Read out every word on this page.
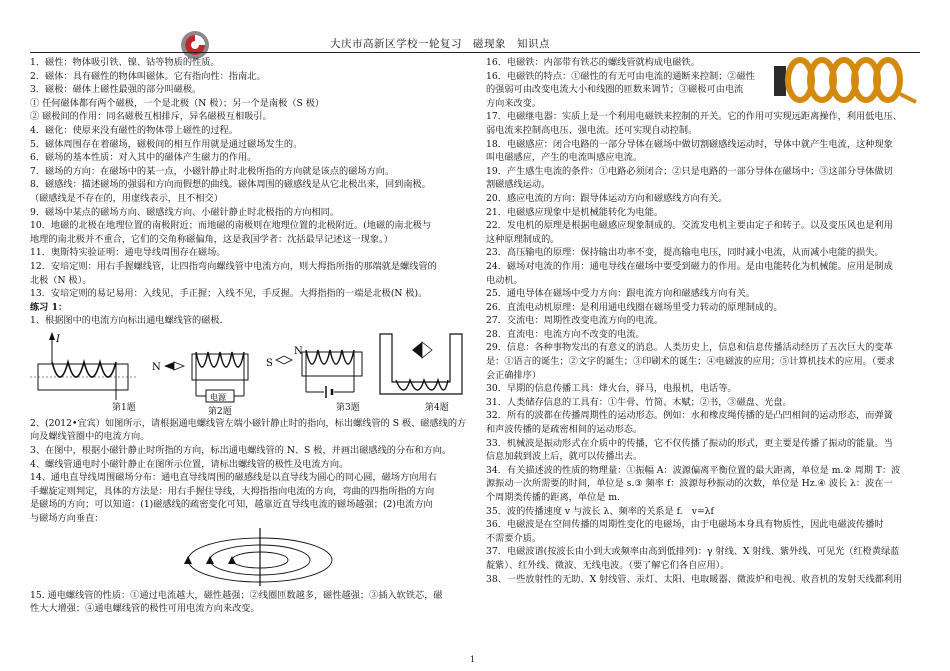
大庆市高新区学校一轮复习　磁现象　知识点

1．磁性：物体吸引铁、镍、钴等物质的性质。

2．磁体：具有磁性的物体叫磁体。它有指向性：指南北。

3．磁极：磁体上磁性最强的部分叫磁极。

① 任何磁体都有两个磁极，一个是北极（N 极）；另一个是南极（S 极）

② 磁极间的作用：同名磁极互相排斥，异名磁极互相吸引。

4．磁化：使原来没有磁性的物体带上磁性的过程。

5．磁体周围存在着磁场，磁极间的相互作用就是通过磁场发生的。

6．磁场的基本性质：对入其中的磁体产生磁力的作用。

7．磁场的方向：在磁场中的某一点，小磁针静止时北极所指的方向就是该点的磁场方向。

8．磁感线：描述磁场的强弱和方向而假想的曲线。磁体周围的磁感线是从它北极出来，回到南极。

（磁感线是不存在的，用虚线表示，且不相交）

9．磁场中某点的磁场方向、磁感线方向、小磁针静止时北极指的方向相同。

10．地磁的北极在地理位置的南极附近；而地磁的南极则在地理位置的北极附近。(地磁的南北极与

地理的南北极并不重合，它们的交角称磁偏角，这是我国学者：沈括最早记述这一现象。）

11．奥斯特实验证明：通电导线周围存在磁场。

12．安培定则：用右手握螺线管，让四指弯向螺线管中电流方向，则大拇指所指的那端就是螺线管的

北极（N 极）。

13．安培定则的易记易用：入线见，手正握；入线不见，手反握。大拇指指的一端是北极(N 极)。

练习 1：

1、根据图中的电流方向标出通电螺线管的磁极.

I
第1题
N
电源
第2题
S
N
第3题	第4题

2、(2012•宜宾）如图所示，请根据通电螺线管左端小磁针静止时的指向，标出螺线管的 S 极、磁感线的方

向及螺线管圈中的电流方向。

3、在图中，根据小磁针静止时所指的方向，标出通电螺线管的 N、S 极，并画出磁感线的分布和方向。

4、螺线管通电时小磁针静止在图所示位置，请标出螺线管的极性及电流方向。

14、通电直导线周围磁场分布：通电直导线周围的磁感线是以直导线为圆心的同心圆，磁场方向用右

手螺旋定则判定，具体的方法是：用右手握住导线，大拇指指向电流的方向，弯曲的四指所指的方向

是磁场的方向；可以知道：(1)磁感线的疏密变化可知，越靠近直导线电流的磁场越强；(2)电流方向

与磁场方向垂直：

15. 通电螺线管的性质：①通过电流越大，磁性越强；②线圈匝数越多，磁性越强；③插入软铁芯，磁

性大大增强；④通电螺线管的极性可用电流方向来改变。

16．电磁铁：内部带有铁芯的螺线管就构成电磁铁。

16．电磁铁的特点：①磁性的有无可由电流的通断来控制；②磁性

的强弱可由改变电流大小和线圈的匝数来调节；③磁极可由电流

方向来改变。

17．电磁继电器：实质上是一个利用电磁铁来控制的开关。它的作用可实现远距离操作，利用低电压、

弱电流来控制高电压、强电流。还可实现自动控制。

18．电磁感应：闭合电路的一部分导体在磁场中做切割磁感线运动时，导体中就产生电流，这种现象

叫电磁感应，产生的电流叫感应电流。

19．产生感生电流的条件：①电路必须闭合；②只是电路的一部分导体在磁场中；③这部分导体做切

割磁感线运动。

20．感应电流的方向：跟导体运动方向和磁感线方向有关。

21．电磁感应现象中是机械能转化为电能。

22．发电机的原理是根据电磁感应现象制成的。交流发电机主要由定子和转子。以及变压风也是利用

这种原理制成的。

23．高压输电的原理：保持输出功率不变，提高输电电压，同时减小电流，从而减小电能的损失。

24．磁场对电流的作用：通电导线在磁场中要受到磁力的作用。是由电能转化为机械能。应用是制成

电动机。

25．通电导体在磁场中受力方向：跟电流方向和磁感线方向有关。

26．直流电动机原理：是利用通电线圈在磁场里受力转动的原理制成的。

27．交流电：周期性改变电流方向的电流。

28．直流电：电流方向不改变的电流。

29．信息：各种事物发出的有意义的消息。人类历史上，信息和信息传播活动经历了五次巨大的变革

是：①语言的诞生；②文字的诞生；③印刷术的诞生；④电磁波的应用；⑤计算机技术的应用。（要求

会正确排序）

30．早期的信息传播工具：烽火台，驿马，电报机，电话等。

31．人类储存信息的工具有：①牛骨、竹简、木赋；②书，③磁盘、光盘。

32．所有的波都在传播周期性的运动形态。例如：水和橡皮绳传播的是凸凹相间的运动形态，而弹簧

和声波传播的是疏密相间的运动形态。

33．机械波是振动形式在介质中的传播，它不仅传播了振动的形式，更主要是传播了振动的能量。当

信息加载到波上后，就可以传播出去。

34．有关描述波的性质的物理量：①振幅 A：波源偏离平衡位置的最大距离，单位是 m.② 周期 T：波

源振动一次所需要的时间，单位是 s.③ 频率 f：波源每秒振动的次数，单位是 Hz.④ 波长 λ：波在一

个周期类传播的距离，单位是 m.

35．波的传播速度 v 与波长 λ、频率的关系是 f.　v=λf

36．电磁波是在空间传播的周期性变化的电磁场，由于电磁场本身具有物质性，因此电磁波传播时

不需要介质。

37．电磁波谱(按波长由小到大或频率由高到低排列)：γ 射线、X 射线、紫外线、可见光（红橙黄绿蓝

靛紫）、红外线、微波、无线电波。（要了解它们各自应用）。

38、一些放射性的无助、X 射线管、汞灯、太阳、电取暖器、微波炉和电视、收音机的发射天线都利用

1
